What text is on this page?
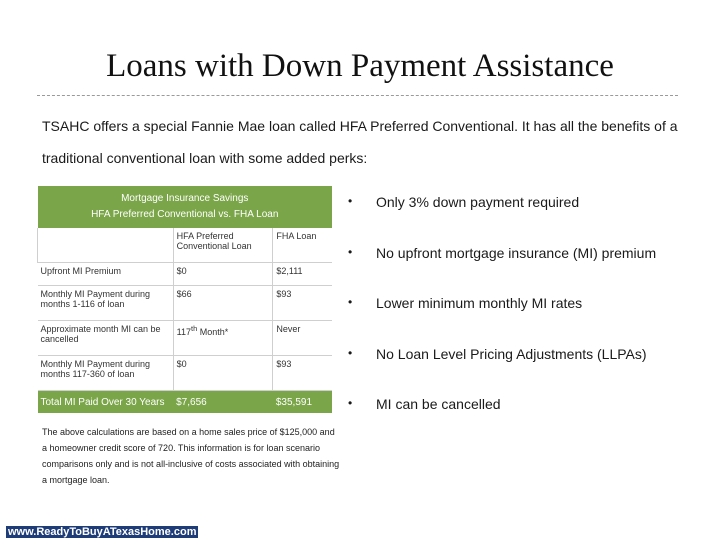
Loans with Down Payment Assistance
TSAHC offers a special Fannie Mae loan called HFA Preferred Conventional. It has all the benefits of a traditional conventional loan with some added perks:
Mortgage Insurance Savings
HFA Preferred Conventional vs. FHA Loan		
	HFA Preferred Conventional Loan	FHA Loan
Upfront MI Premium	$0	$2,111
Monthly MI Payment during months 1-116 of loan	$66	$93
Approximate month MI can be cancelled	117th Month*	Never
Monthly MI Payment during months 117-360 of loan	$0	$93
Total MI Paid Over 30 Years	$7,656	$35,591
The above calculations are based on a home sales price of $125,000 and a homeowner credit score of 720. This information is for loan scenario comparisons only and is not all-inclusive of costs associated with obtaining a mortgage loan.
• Only 3% down payment required
• No upfront mortgage insurance (MI) premium
• Lower minimum monthly MI rates
• No Loan Level Pricing Adjustments (LLPAs)
• MI can be cancelled
www.ReadyToBuyATexasHome.com
